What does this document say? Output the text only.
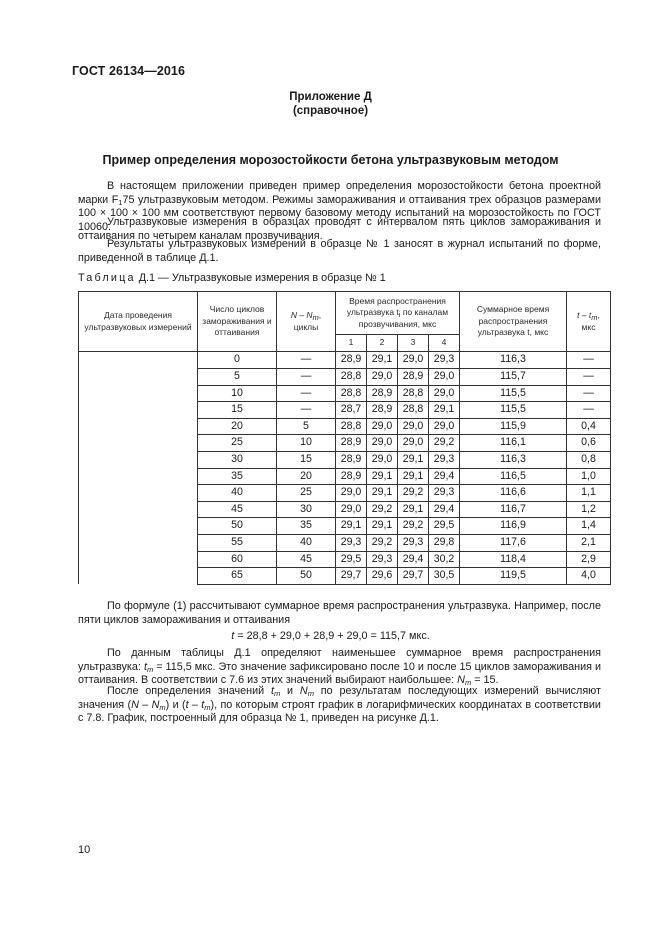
ГОСТ 26134—2016
Приложение Д
(справочное)
Пример определения морозостойкости бетона ультразвуковым методом
В настоящем приложении приведен пример определения морозостойкости бетона проектной марки $F_175$ ультразвуковым методом. Режимы замораживания и оттаивания трех образцов размерами 100 × 100 × 100 мм соответствуют первому базовому методу испытаний на морозостойкость по ГОСТ 10060.
Ультразвуковые измерения в образцах проводят с интервалом пять циклов замораживания и оттаивания по четырем каналам прозвучивания.
Результаты ультразвуковых измерений в образце № 1 заносят в журнал испытаний по форме, приведенной в таблице Д.1.
Таблица Д.1 — Ультразвуковые измерения в образце № 1
Дата проведения ультразвуковых измерений	Число циклов замораживания и оттаивания	N – $N_m$,
циклы	Время распространения ультразвука $t_i$ по каналам прозвучивания, мкс				Суммарное время распространения ультразвука t, мкс	t – $t_m$,
мкс
			1	2	3	4		
	0	—	28,9	29,1	29,0	29,3	116,3	—
	5	—	28,8	29,0	28,9	29,0	115,7	—
	10	—	28,8	28,9	28,8	29,0	115,5	—
	15	—	28,7	28,9	28,8	29,1	115,5	—
	20	5	28,8	29,0	29,0	29,0	115,9	0,4
	25	10	28,9	29,0	29,0	29,2	116,1	0,6
	30	15	28,9	29,0	29,1	29,3	116,3	0,8
	35	20	28,9	29,1	29,1	29,4	116,5	1,0
	40	25	29,0	29,1	29,2	29,3	116,6	1,1
	45	30	29,0	29,2	29,1	29,4	116,7	1,2
	50	35	29,1	29,1	29,2	29,5	116,9	1,4
	55	40	29,3	29,2	29,3	29,8	117,6	2,1
	60	45	29,5	29,3	29,4	30,2	118,4	2,9
	65	50	29,7	29,6	29,7	30,5	119,5	4,0
По формуле (1) рассчитывают суммарное время распространения ультразвука. Например, после пяти циклов замораживания и оттаивания
t = 28,8 + 29,0 + 28,9 + 29,0 = 115,7 мкс.
По данным таблицы Д.1 определяют наименьшее суммарное время распространения ультразвука: $t_m = 115,5$ мкс. Это значение зафиксировано после 10 и после 15 циклов замораживания и оттаивания. В соответствии с 7.6 из этих значений выбирают наибольшее: $N_m = 15$.
После определения значений $t_m$ и $N_m$ по результатам последующих измерений вычисляют значения $(N - N_m)$ и $(t - t_m)$, по которым строят график в логарифмических координатах в соответствии с 7.8. График, построенный для образца № 1, приведен на рисунке Д.1.
10
